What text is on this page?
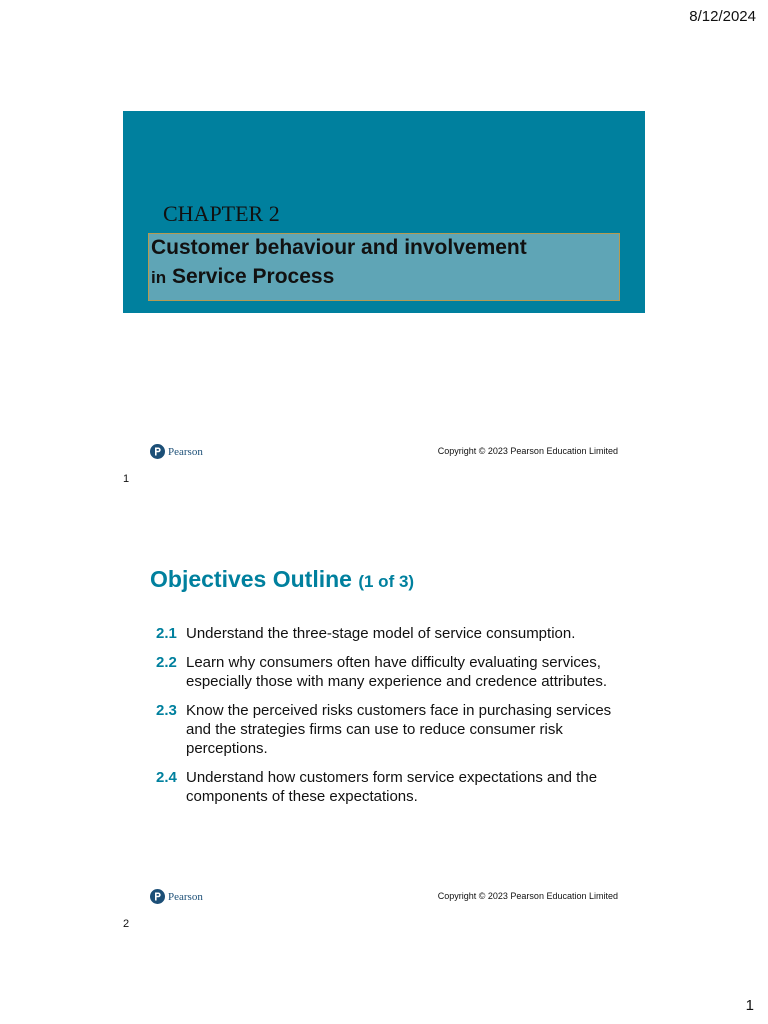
8/12/2024
CHAPTER 2
Customer behaviour and involvement
in Service Process
Pearson	Copyright © 2023 Pearson Education Limited
1
Objectives Outline (1 of 3)
2.1 Understand the three-stage model of service consumption.
2.2 Learn why consumers often have difficulty evaluating services, especially those with many experience and credence attributes.
2.3 Know the perceived risks customers face in purchasing services and the strategies firms can use to reduce consumer risk perceptions.
2.4 Understand how customers form service expectations and the components of these expectations.
Pearson	Copyright © 2023 Pearson Education Limited
2
1
